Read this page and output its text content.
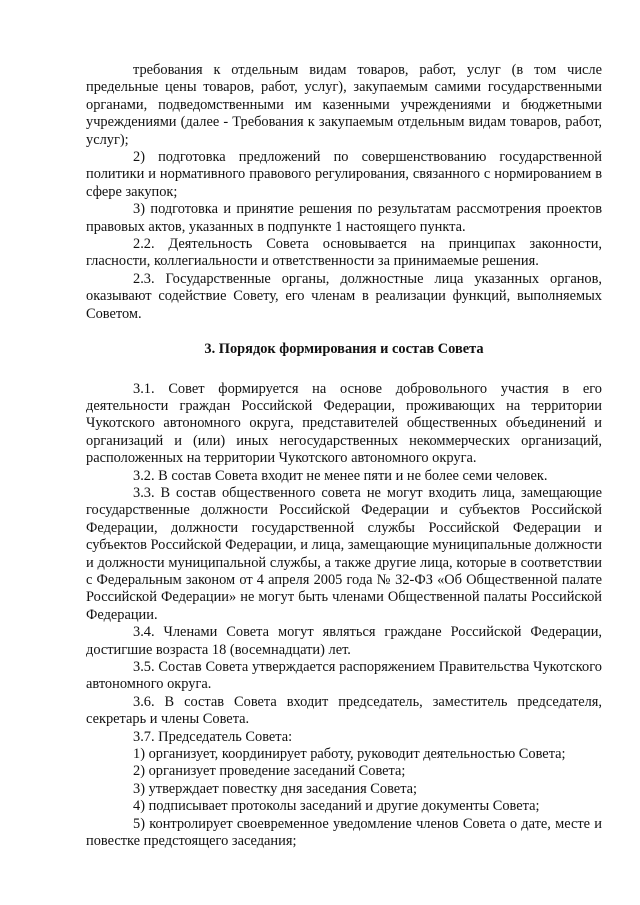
требования к отдельным видам товаров, работ, услуг (в том числе предельные цены товаров, работ, услуг), закупаемым самими государственными органами, подведомственными им казенными учреждениями и бюджетными учреждениями (далее - Требования к закупаемым отдельным видам товаров, работ, услуг);

2) подготовка предложений по совершенствованию государственной политики и нормативного правового регулирования, связанного с нормированием в сфере закупок;

3) подготовка и принятие решения по результатам рассмотрения проектов правовых актов, указанных в подпункте 1 настоящего пункта.

2.2. Деятельность Совета основывается на принципах законности, гласности, коллегиальности и ответственности за принимаемые решения.

2.3. Государственные органы, должностные лица указанных органов, оказывают содействие Совету, его членам в реализации функций, выполняемых Советом.

3. Порядок формирования и состав Совета

3.1. Совет формируется на основе добровольного участия в его деятельности граждан Российской Федерации, проживающих на территории Чукотского автономного округа, представителей общественных объединений и организаций и (или) иных негосударственных некоммерческих организаций, расположенных на территории Чукотского автономного округа.

3.2. В состав Совета входит не менее пяти и не более семи человек.

3.3. В состав общественного совета не могут входить лица, замещающие государственные должности Российской Федерации и субъектов Российской Федерации, должности государственной службы Российской Федерации и субъектов Российской Федерации, и лица, замещающие муниципальные должности и должности муниципальной службы, а также другие лица, которые в соответствии с Федеральным законом от 4 апреля 2005 года № 32-ФЗ «Об Общественной палате Российской Федерации» не могут быть членами Общественной палаты Российской Федерации.

3.4. Членами Совета могут являться граждане Российской Федерации, достигшие возраста 18 (восемнадцати) лет.

3.5. Состав Совета утверждается распоряжением Правительства Чукотского автономного округа.

3.6. В состав Совета входит председатель, заместитель председателя, секретарь и члены Совета.

3.7. Председатель Совета:

1) организует, координирует работу, руководит деятельностью Совета;

2) организует проведение заседаний Совета;

3) утверждает повестку дня заседания Совета;

4) подписывает протоколы заседаний и другие документы Совета;

5) контролирует своевременное уведомление членов Совета о дате, месте и повестке предстоящего заседания;
